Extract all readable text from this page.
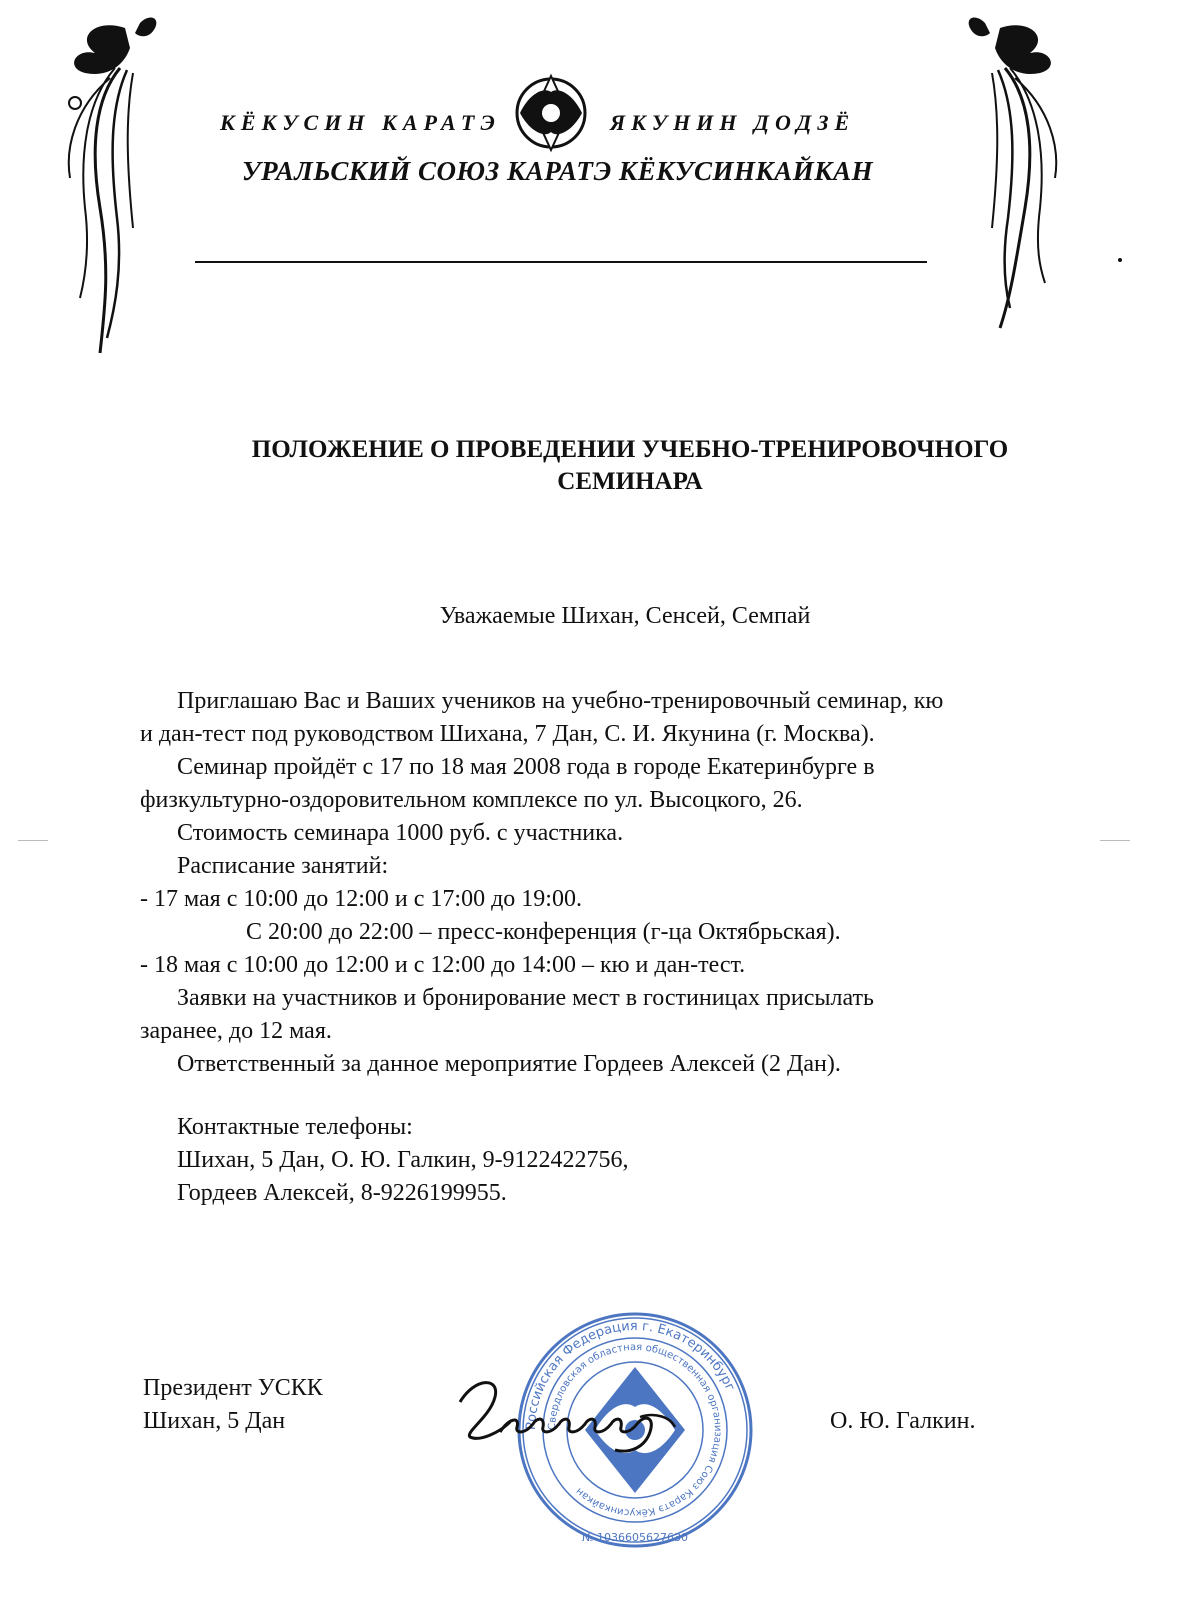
КЁКУСИН КАРАТЭ	ЯКУНИН ДОДЗЁ
УРАЛЬСКИЙ СОЮЗ КАРАТЭ КЁКУСИНКАЙКАН
ПОЛОЖЕНИЕ О ПРОВЕДЕНИИ УЧЕБНО-ТРЕНИРОВОЧНОГО
СЕМИНАРА
Уважаемые Шихан, Сенсей, Семпай
Приглашаю Вас и Ваших учеников на учебно-тренировочный семинар, кю
и дан-тест под руководством Шихана, 7 Дан, С. И. Якунина (г. Москва).
Семинар пройдёт с 17 по 18 мая 2008 года в городе Екатеринбурге в
физкультурно-оздоровительном комплексе по ул. Высоцкого, 26.
Стоимость семинара 1000 руб. с участника.
Расписание занятий:
- 17 мая с 10:00 до 12:00 и с 17:00 до 19:00.
С 20:00 до 22:00 – пресс-конференция (г-ца Октябрьская).
- 18 мая с 10:00 до 12:00 и с 12:00 до 14:00 – кю и дан-тест.
Заявки на участников и бронирование мест в гостиницах присылать
заранее, до 12 мая.
Ответственный за данное мероприятие Гордеев Алексей (2 Дан).
Контактные телефоны:
Шихан, 5 Дан, О. Ю. Галкин, 9-9122422756,
Гордеев Алексей, 8-9226199955.
Российская Федерация г. Екатеринбург
Свердловская областная общественная организация Союз Каратэ Кёкусинкайкан
№ 1036605627630
Президент УСКК
Шихан, 5 Дан	О. Ю. Галкин.
